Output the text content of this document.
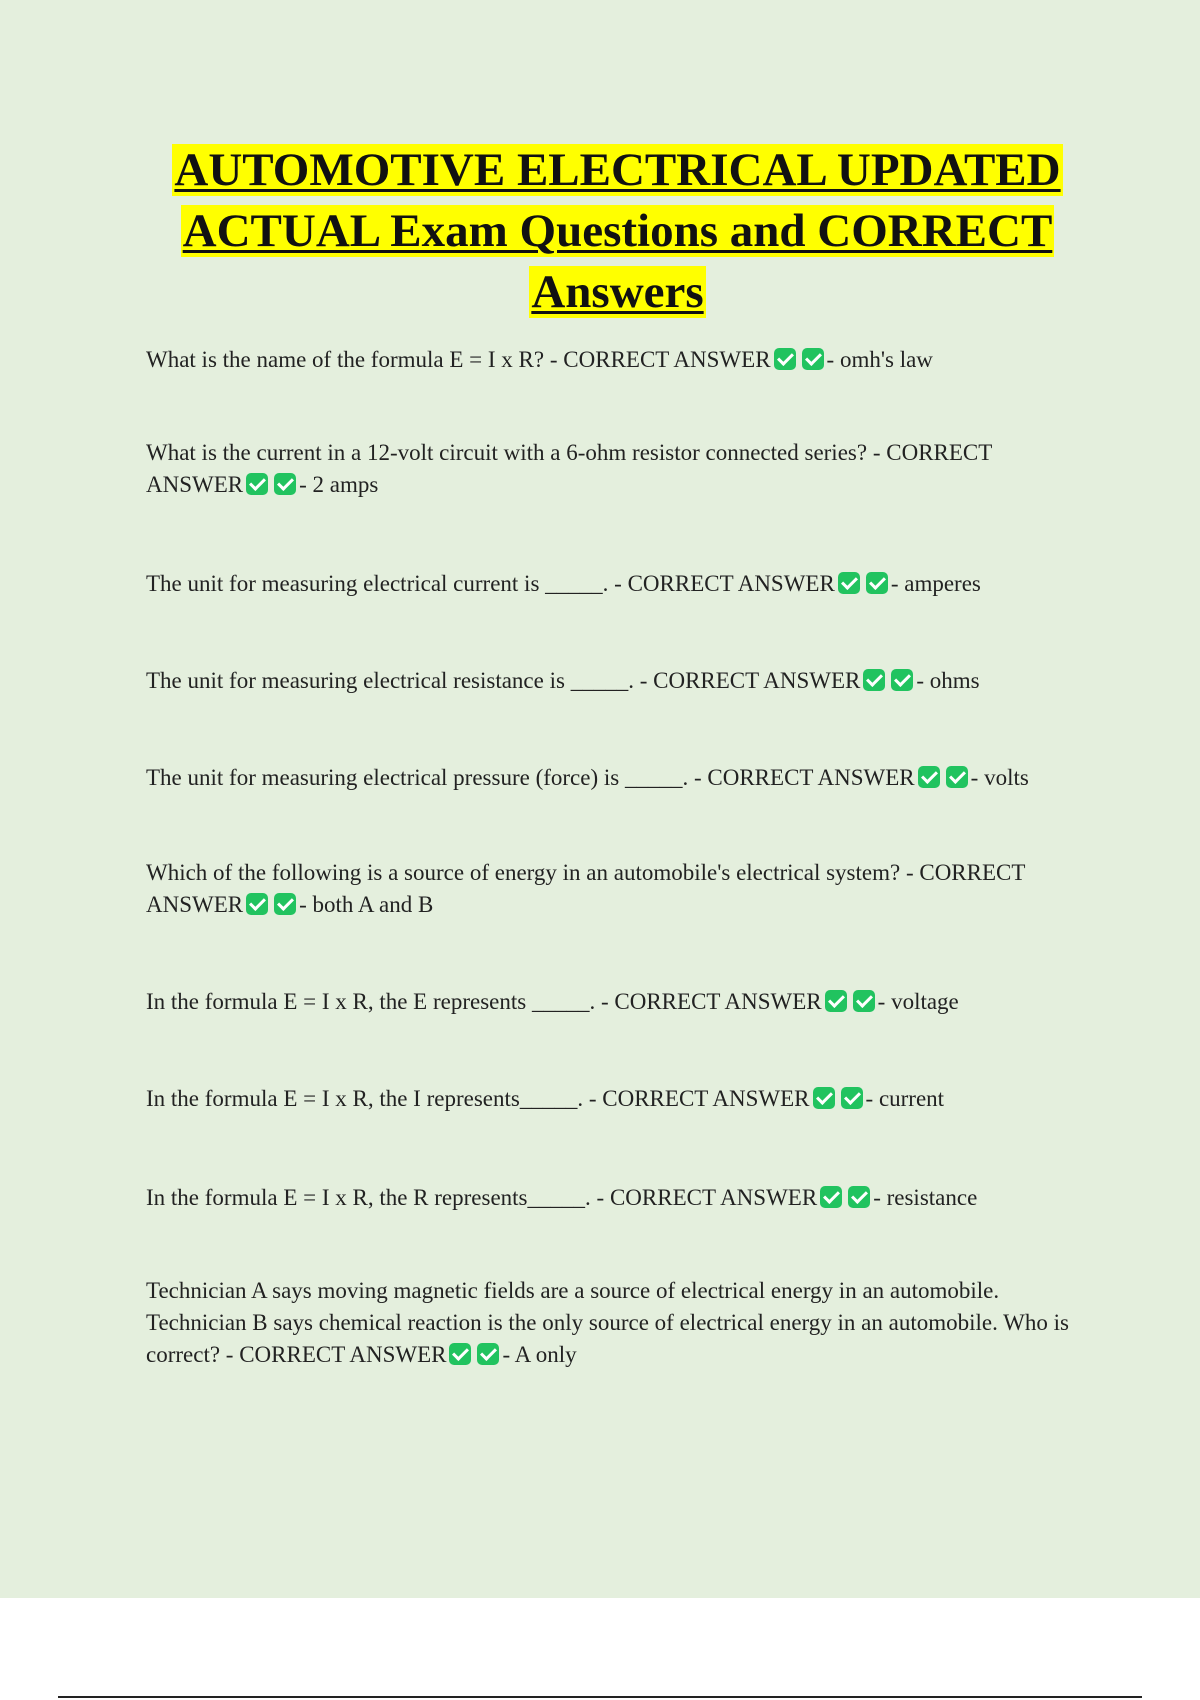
AUTOMOTIVE ELECTRICAL UPDATED
ACTUAL Exam Questions and CORRECT
Answers

What is the name of the formula E = I x R? - CORRECT ANSWER - omh's law

What is the current in a 12-volt circuit with a 6-ohm resistor connected series? - CORRECT ANSWER - 2 amps

The unit for measuring electrical current is _____. - CORRECT ANSWER - amperes

The unit for measuring electrical resistance is _____. - CORRECT ANSWER - ohms

The unit for measuring electrical pressure (force) is _____. - CORRECT ANSWER - volts

Which of the following is a source of energy in an automobile's electrical system? - CORRECT ANSWER - both A and B

In the formula E = I x R, the E represents _____. - CORRECT ANSWER - voltage

In the formula E = I x R, the I represents_____. - CORRECT ANSWER - current

In the formula E = I x R, the R represents_____. - CORRECT ANSWER - resistance

Technician A says moving magnetic fields are a source of electrical energy in an automobile. Technician B says chemical reaction is the only source of electrical energy in an automobile. Who is correct? - CORRECT ANSWER - A only
